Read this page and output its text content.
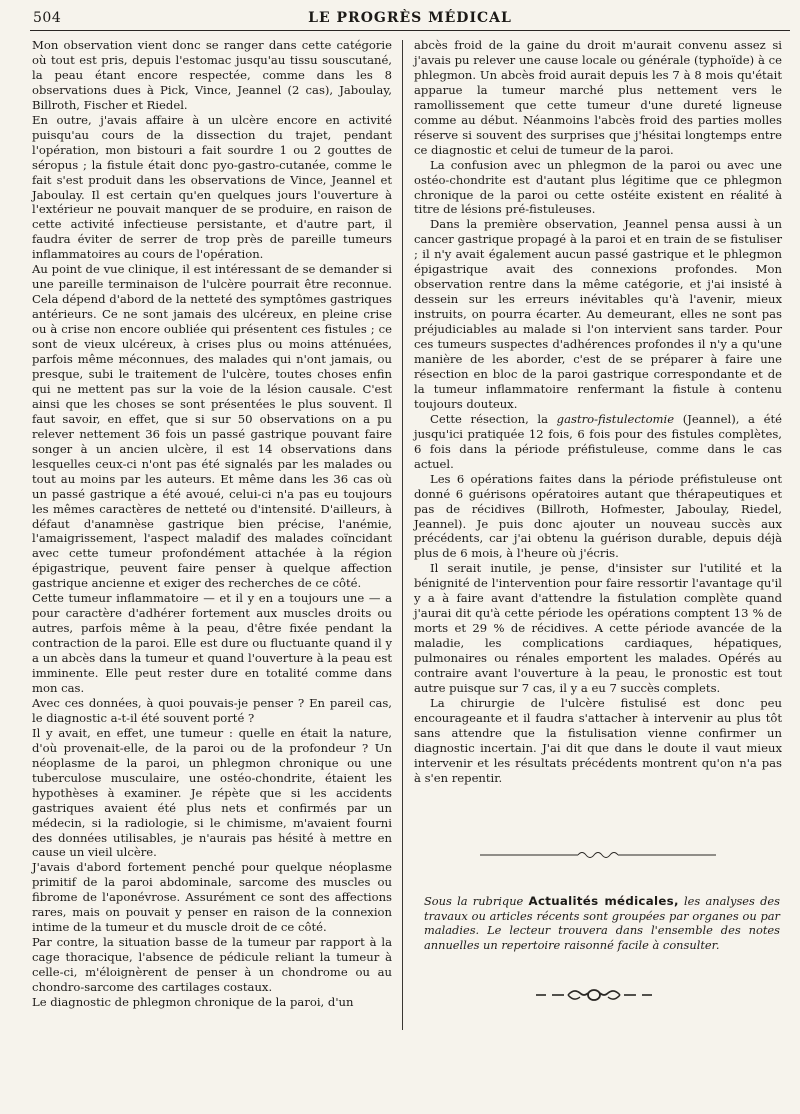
504	LE PROGRÈS MÉDICAL

Mon observation vient donc se ranger dans cette catégorie où tout est pris, depuis l'estomac jusqu'au tissu souscutané, la peau étant encore respectée, comme dans les 8 observations dues à Pick, Vince, Jeannel (2 cas), Jaboulay, Billroth, Fischer et Riedel.

En outre, j'avais affaire à un ulcère encore en activité puisqu'au cours de la dissection du trajet, pendant l'opération, mon bistouri a fait sourdre 1 ou 2 gouttes de séropus ; la fistule était donc pyo-gastro-cutanée, comme le fait s'est produit dans les observations de Vince, Jeannel et Jaboulay. Il est certain qu'en quelques jours l'ouverture à l'extérieur ne pouvait manquer de se produire, en raison de cette activité infectieuse persistante, et d'autre part, il faudra éviter de serrer de trop près de pareille tumeurs inflammatoires au cours de l'opération.

Au point de vue clinique, il est intéressant de se demander si une pareille terminaison de l'ulcère pourrait être reconnue. Cela dépend d'abord de la netteté des symptômes gastriques antérieurs. Ce ne sont jamais des ulcéreux, en pleine crise ou à crise non encore oubliée qui présentent ces fistules ; ce sont de vieux ulcéreux, à crises plus ou moins atténuées, parfois même méconnues, des malades qui n'ont jamais, ou presque, subi le traitement de l'ulcère, toutes choses enfin qui ne mettent pas sur la voie de la lésion causale. C'est ainsi que les choses se sont présentées le plus souvent. Il faut savoir, en effet, que si sur 50 observations on a pu relever nettement 36 fois un passé gastrique pouvant faire songer à un ancien ulcère, il est 14 observations dans lesquelles ceux-ci n'ont pas été signalés par les malades ou tout au moins par les auteurs. Et même dans les 36 cas où un passé gastrique a été avoué, celui-ci n'a pas eu toujours les mêmes caractères de netteté ou d'intensité. D'ailleurs, à défaut d'anamnèse gastrique bien précise, l'anémie, l'amaigrissement, l'aspect maladif des malades coïncidant avec cette tumeur profondément attachée à la région épigastrique, peuvent faire penser à quelque affection gastrique ancienne et exiger des recherches de ce côté.

Cette tumeur inflammatoire — et il y en a toujours une — a pour caractère d'adhérer fortement aux muscles droits ou autres, parfois même à la peau, d'être fixée pendant la contraction de la paroi. Elle est dure ou fluctuante quand il y a un abcès dans la tumeur et quand l'ouverture à la peau est imminente. Elle peut rester dure en totalité comme dans mon cas.

Avec ces données, à quoi pouvais-je penser ? En pareil cas, le diagnostic a-t-il été souvent porté ?

Il y avait, en effet, une tumeur : quelle en était la nature, d'où provenait-elle, de la paroi ou de la profondeur ? Un néoplasme de la paroi, un phlegmon chronique ou une tuberculose musculaire, une ostéo-chondrite, étaient les hypothèses à examiner. Je répète que si les accidents gastriques avaient été plus nets et confirmés par un médecin, si la radiologie, si le chimisme, m'avaient fourni des données utilisables, je n'aurais pas hésité à mettre en cause un vieil ulcère.

J'avais d'abord fortement penché pour quelque néoplasme primitif de la paroi abdominale, sarcome des muscles ou fibrome de l'aponévrose. Assurément ce sont des affections rares, mais on pouvait y penser en raison de la connexion intime de la tumeur et du muscle droit de ce côté.

Par contre, la situation basse de la tumeur par rapport à la cage thoracique, l'absence de pédicule reliant la tumeur à celle-ci, m'éloignèrent de penser à un chondrome ou au chondro-sarcome des cartilages costaux.

Le diagnostic de phlegmon chronique de la paroi, d'un

abcès froid de la gaine du droit m'aurait convenu assez si j'avais pu relever une cause locale ou générale (typhoïde) à ce phlegmon. Un abcès froid aurait depuis les 7 à 8 mois qu'était apparue la tumeur marché plus nettement vers le ramollissement que cette tumeur d'une dureté ligneuse comme au début. Néanmoins l'abcès froid des parties molles réserve si souvent des surprises que j'hésitai longtemps entre ce diagnostic et celui de tumeur de la paroi.

La confusion avec un phlegmon de la paroi ou avec une ostéo-chondrite est d'autant plus légitime que ce phlegmon chronique de la paroi ou cette ostéite existent en réalité à titre de lésions pré-fistuleuses.

Dans la première observation, Jeannel pensa aussi à un cancer gastrique propagé à la paroi et en train de se fistuliser ; il n'y avait également aucun passé gastrique et le phlegmon épigastrique avait des connexions profondes. Mon observation rentre dans la même catégorie, et j'ai insisté à dessein sur les erreurs inévitables qu'à l'avenir, mieux instruits, on pourra écarter. Au demeurant, elles ne sont pas préjudiciables au malade si l'on intervient sans tarder. Pour ces tumeurs suspectes d'adhérences profondes il n'y a qu'une manière de les aborder, c'est de se préparer à faire une résection en bloc de la paroi gastrique correspondante et de la tumeur inflammatoire renfermant la fistule à contenu toujours douteux.

Cette résection, la gastro-fistulectomie (Jeannel), a été jusqu'ici pratiquée 12 fois, 6 fois pour des fistules complètes, 6 fois dans la période préfistuleuse, comme dans le cas actuel.

Les 6 opérations faites dans la période préfistuleuse ont donné 6 guérisons opératoires autant que thérapeutiques et pas de récidives (Billroth, Hofmester, Jaboulay, Riedel, Jeannel). Je puis donc ajouter un nouveau succès aux précédents, car j'ai obtenu la guérison durable, depuis déjà plus de 6 mois, à l'heure où j'écris.

Il serait inutile, je pense, d'insister sur l'utilité et la bénignité de l'intervention pour faire ressortir l'avantage qu'il y a à faire avant d'attendre la fistulation complète quand j'aurai dit qu'à cette période les opérations comptent 13 % de morts et 29 % de récidives. A cette période avancée de la maladie, les complications cardiaques, hépatiques, pulmonaires ou rénales emportent les malades. Opérés au contraire avant l'ouverture à la peau, le pronostic est tout autre puisque sur 7 cas, il y a eu 7 succès complets.

La chirurgie de l'ulcère fistulisé est donc peu encourageante et il faudra s'attacher à intervenir au plus tôt sans attendre que la fistulisation vienne confirmer un diagnostic incertain. J'ai dit que dans le doute il vaut mieux intervenir et les résultats précédents montrent qu'on n'a pas à s'en repentir.

Sous la rubrique Actualités médicales, les analyses des travaux ou articles récents sont groupées par organes ou par maladies. Le lecteur trouvera dans l'ensemble des notes annuelles un repertoire raisonné facile à consulter.
